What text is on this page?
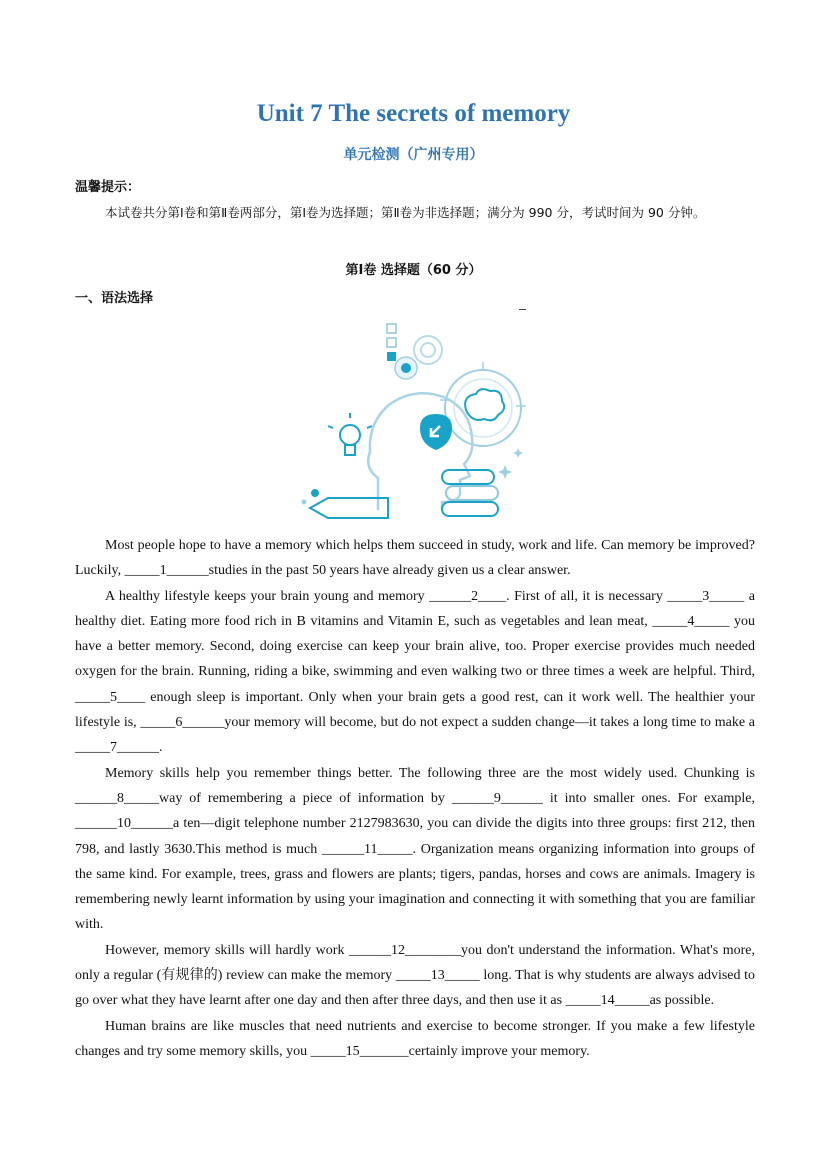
Unit 7 The secrets of memory
单元检测（广州专用）
温馨提示：
本试卷共分第Ⅰ卷和第Ⅱ卷两部分，第Ⅰ卷为选择题；第Ⅱ卷为非选择题；满分为 990 分，考试时间为 90 分钟。
第Ⅰ卷 选择题（60 分）
一、语法选择

Most people hope to have a memory which helps them succeed in study, work and life. Can memory be improved? Luckily, _____1______studies in the past 50 years have already given us a clear answer.

A healthy lifestyle keeps your brain young and memory ______2____. First of all, it is necessary _____3_____ a healthy diet. Eating more food rich in B vitamins and Vitamin E, such as vegetables and lean meat, _____4_____ you have a better memory. Second, doing exercise can keep your brain alive, too. Proper exercise provides much needed oxygen for the brain. Running, riding a bike, swimming and even walking two or three times a week are helpful. Third, _____5____ enough sleep is important. Only when your brain gets a good rest, can it work well. The healthier your lifestyle is, _____6______your memory will become, but do not expect a sudden change—it takes a long time to make a _____7______.

Memory skills help you remember things better. The following three are the most widely used. Chunking is ______8_____way of remembering a piece of information by ______9______ it into smaller ones. For example, ______10______a ten—digit telephone number 2127983630, you can divide the digits into three groups: first 212, then 798, and lastly 3630.This method is much ______11_____. Organization means organizing information into groups of the same kind. For example, trees, grass and flowers are plants; tigers, pandas, horses and cows are animals. Imagery is remembering newly learnt information by using your imagination and connecting it with something that you are familiar with.

However, memory skills will hardly work ______12________you don't understand the information. What's more, only a regular (有规律的) review can make the memory _____13_____ long. That is why students are always advised to go over what they have learnt after one day and then after three days, and then use it as _____14_____as possible.

Human brains are like muscles that need nutrients and exercise to become stronger. If you make a few lifestyle changes and try some memory skills, you _____15_______certainly improve your memory.
